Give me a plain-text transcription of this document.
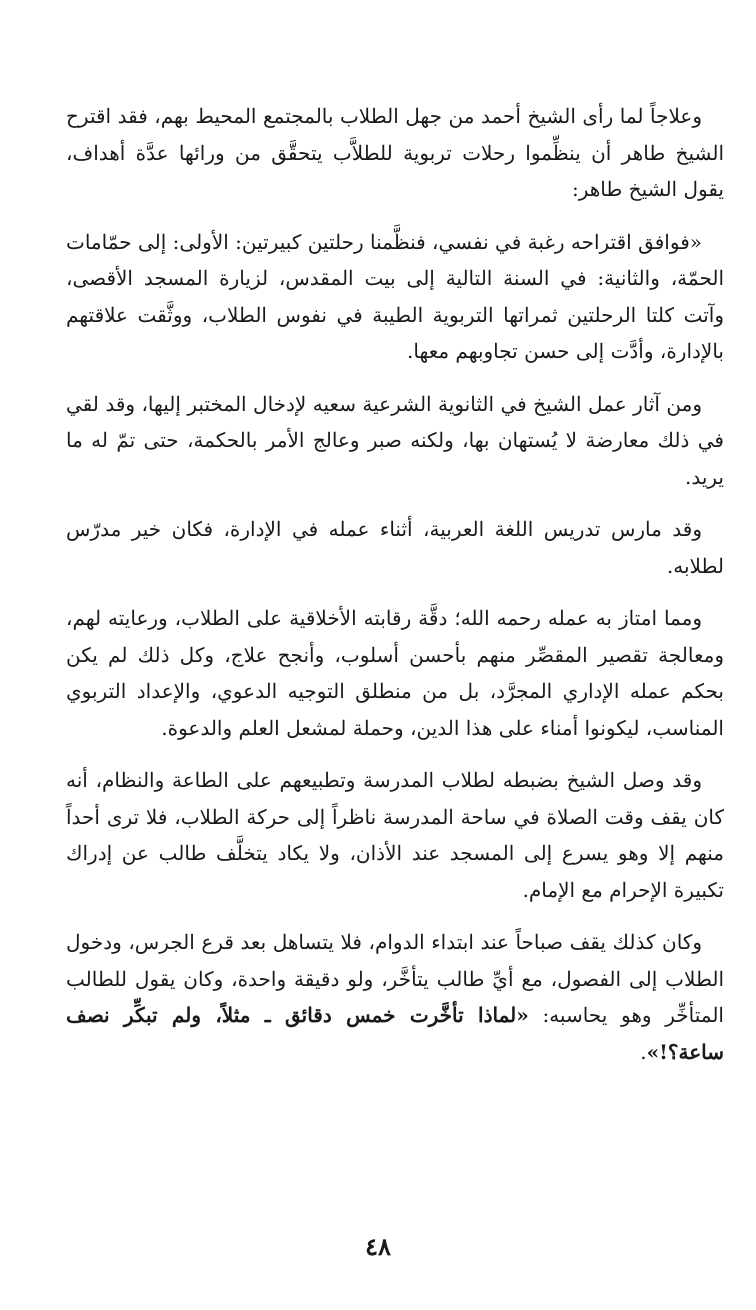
وعلاجاً لما رأى الشيخ أحمد من جهل الطلاب بالمجتمع المحيط بهم، فقد اقترح الشيخ طاهر أن ينظِّموا رحلات تربوية للطلاَّب يتحقَّق من ورائها عدَّة أهداف، يقول الشيخ طاهر:

«فوافق اقتراحه رغبة في نفسي، فنظَّمنا رحلتين كبيرتين: الأولى: إلى حمّامات الحمّة، والثانية: في السنة التالية إلى بيت المقدس، لزيارة المسجد الأقصى، وآتت كلتا الرحلتين ثمراتها التربوية الطيبة في نفوس الطلاب، ووثَّقت علاقتهم بالإدارة، وأدَّت إلى حسن تجاوبهم معها.

ومن آثار عمل الشيخ في الثانوية الشرعية سعيه لإدخال المختبر إليها، وقد لقي في ذلك معارضة لا يُستهان بها، ولكنه صبر وعالج الأمر بالحكمة، حتى تمّ له ما يريد.

وقد مارس تدريس اللغة العربية، أثناء عمله في الإدارة، فكان خير مدرّس لطلابه.

ومما امتاز به عمله رحمه الله؛ دقَّة رقابته الأخلاقية على الطلاب، ورعايته لهم، ومعالجة تقصير المقصِّر منهم بأحسن أسلوب، وأنجح علاج، وكل ذلك لم يكن بحكم عمله الإداري المجرَّد، بل من منطلق التوجيه الدعوي، والإعداد التربوي المناسب، ليكونوا أمناء على هذا الدين، وحملة لمشعل العلم والدعوة.

وقد وصل الشيخ بضبطه لطلاب المدرسة وتطبيعهم على الطاعة والنظام، أنه كان يقف وقت الصلاة في ساحة المدرسة ناظراً إلى حركة الطلاب، فلا ترى أحداً منهم إلا وهو يسرع إلى المسجد عند الأذان، ولا يكاد يتخلَّف طالب عن إدراك تكبيرة الإحرام مع الإمام.

وكان كذلك يقف صباحاً عند ابتداء الدوام، فلا يتساهل بعد قرع الجرس، ودخول الطلاب إلى الفصول، مع أيِّ طالب يتأخَّر، ولو دقيقة واحدة، وكان يقول للطالب المتأخِّر وهو يحاسبه: «لماذا تأخَّرت خمس دقائق ـ مثلاً، ولم تبكِّر نصف ساعة؟!».

٤٨
